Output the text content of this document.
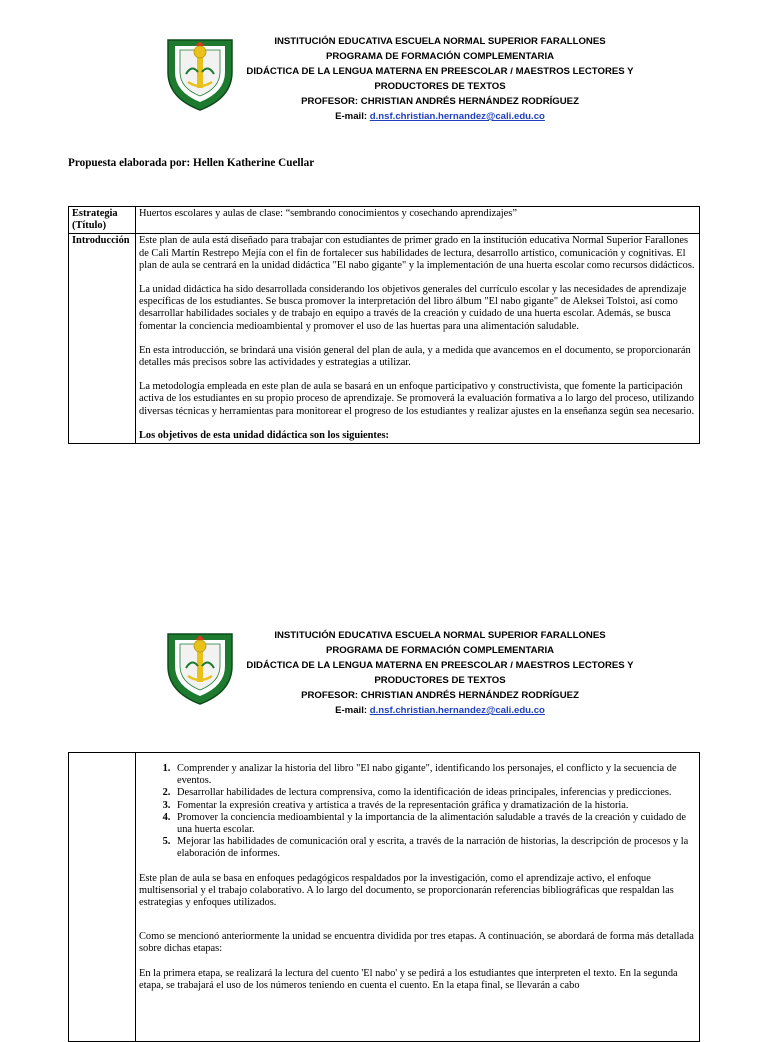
INSTITUCIÓN EDUCATIVA ESCUELA NORMAL SUPERIOR FARALLONES
PROGRAMA DE FORMACIÓN COMPLEMENTARIA
DIDÁCTICA DE LA LENGUA MATERNA EN PREESCOLAR / MAESTROS LECTORES Y
PRODUCTORES DE TEXTOS
PROFESOR: CHRISTIAN ANDRÉS HERNÁNDEZ RODRÍGUEZ
E-mail: d.nsf.christian.hernandez@cali.edu.co
Propuesta elaborada por: Hellen Katherine Cuellar
Estrategia (Título)	Huertos escolares y aulas de clase: “sembrando conocimientos y cosechando aprendizajes”
Introducción	Este plan de aula está diseñado para trabajar con estudiantes de primer grado en la institución educativa Normal Superior Farallones de Cali Martín Restrepo Mejía con el fin de fortalecer sus habilidades de lectura, desarrollo artístico, comunicación y cognitivas. El plan de aula se centrará en la unidad didáctica "El nabo gigante" y la implementación de una huerta escolar como recursos didácticos.

La unidad didáctica ha sido desarrollada considerando los objetivos generales del currículo escolar y las necesidades de aprendizaje específicas de los estudiantes. Se busca promover la interpretación del libro álbum "El nabo gigante" de Aleksei Tolstoi, así como desarrollar habilidades sociales y de trabajo en equipo a través de la creación y cuidado de una huerta escolar. Además, se busca fomentar la conciencia medioambiental y promover el uso de las huertas para una alimentación saludable.

En esta introducción, se brindará una visión general del plan de aula, y a medida que avancemos en el documento, se proporcionarán detalles más precisos sobre las actividades y estrategias a utilizar.

La metodología empleada en este plan de aula se basará en un enfoque participativo y constructivista, que fomente la participación activa de los estudiantes en su propio proceso de aprendizaje. Se promoverá la evaluación formativa a lo largo del proceso, utilizando diversas técnicas y herramientas para monitorear el progreso de los estudiantes y realizar ajustes en la enseñanza según sea necesario.

Los objetivos de esta unidad didáctica son los siguientes:

INSTITUCIÓN EDUCATIVA ESCUELA NORMAL SUPERIOR FARALLONES
PROGRAMA DE FORMACIÓN COMPLEMENTARIA
DIDÁCTICA DE LA LENGUA MATERNA EN PREESCOLAR / MAESTROS LECTORES Y
PRODUCTORES DE TEXTOS
PROFESOR: CHRISTIAN ANDRÉS HERNÁNDEZ RODRÍGUEZ
E-mail: d.nsf.christian.hernandez@cali.edu.co

1. Comprender y analizar la historia del libro "El nabo gigante", identificando los personajes, el conflicto y la secuencia de eventos.
2. Desarrollar habilidades de lectura comprensiva, como la identificación de ideas principales, inferencias y predicciones.
3. Fomentar la expresión creativa y artística a través de la representación gráfica y dramatización de la historia.
4. Promover la conciencia medioambiental y la importancia de la alimentación saludable a través de la creación y cuidado de una huerta escolar.
5. Mejorar las habilidades de comunicación oral y escrita, a través de la narración de historias, la descripción de procesos y la elaboración de informes.

Este plan de aula se basa en enfoques pedagógicos respaldados por la investigación, como el aprendizaje activo, el enfoque multisensorial y el trabajo colaborativo. A lo largo del documento, se proporcionarán referencias bibliográficas que respaldan las estrategias y enfoques utilizados.

Como se mencionó anteriormente la unidad se encuentra dividida por tres etapas. A continuación, se abordará de forma más detallada sobre dichas etapas:

En la primera etapa, se realizará la lectura del cuento 'El nabo' y se pedirá a los estudiantes que interpreten el texto. En la segunda etapa, se trabajará el uso de los números teniendo en cuenta el cuento. En la etapa final, se llevarán a cabo
